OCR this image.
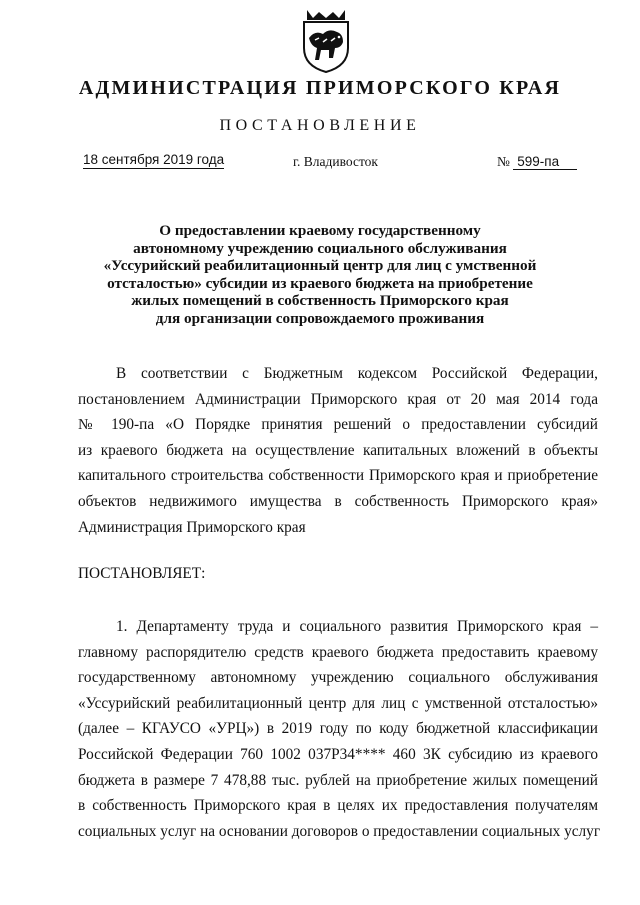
АДМИНИСТРАЦИЯ ПРИМОРСКОГО КРАЯ
ПОСТАНОВЛЕНИЕ
18 сентября 2019 года	г. Владивосток	№ 599-па
О предоставлении краевому государственному
автономному учреждению социального обслуживания
«Уссурийский реабилитационный центр для лиц с умственной
отсталостью» субсидии из краевого бюджета на приобретение
жилых помещений в собственность Приморского края
для организации сопровождаемого проживания
В соответствии с Бюджетным кодексом Российской Федерации,
постановлением Администрации Приморского края от 20 мая 2014 года
№ 190-па «О Порядке принятия решений о предоставлении субсидий
из краевого бюджета на осуществление капитальных вложений в объекты
капитального строительства собственности Приморского края и приобретение
объектов недвижимого имущества в собственность Приморского края»
Администрация Приморского края
ПОСТАНОВЛЯЕТ:
1. Департаменту труда и социального развития Приморского края –
главному распорядителю средств краевого бюджета предоставить краевому
государственному автономному учреждению социального обслуживания
«Уссурийский реабилитационный центр для лиц с умственной отсталостью»
(далее – КГАУСО «УРЦ») в 2019 году по коду бюджетной классификации
Российской Федерации 760 1002 037Р34**** 460 3К субсидию из краевого
бюджета в размере 7 478,88 тыс. рублей на приобретение жилых помещений
в собственность Приморского края в целях их предоставления получателям
социальных услуг на основании договоров о предоставлении социальных услуг
